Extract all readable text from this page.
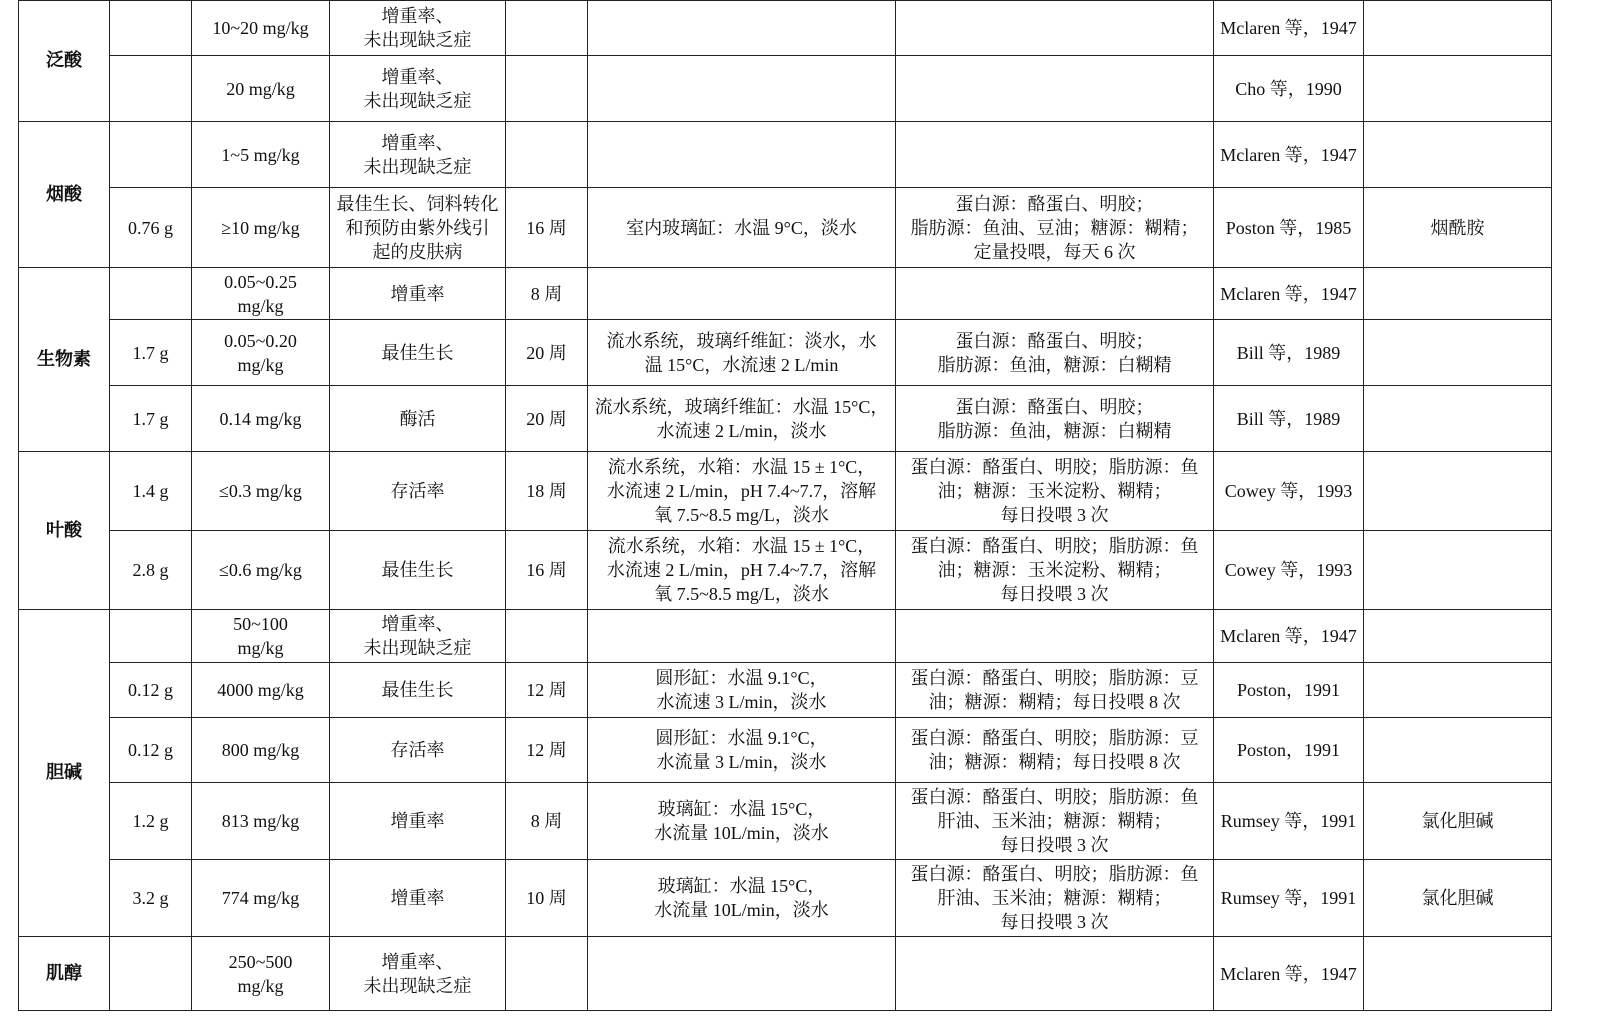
泛酸		10~20 mg/kg	增重率、
未出现缺乏症				Mclaren 等，1947	
		20 mg/kg	增重率、
未出现缺乏症				Cho 等，1990	
烟酸		1~5 mg/kg	增重率、
未出现缺乏症				Mclaren 等，1947	
	0.76 g	≥10 mg/kg	最佳生长、饲料转化
和预防由紫外线引
起的皮肤病	16 周	室内玻璃缸：水温 9°C，淡水	蛋白源：酪蛋白、明胶；
脂肪源：鱼油、豆油；糖源：糊精；
定量投喂，每天 6 次	Poston 等，1985	烟酰胺
生物素		0.05~0.25
mg/kg	增重率	8 周			Mclaren 等，1947	
	1.7 g	0.05~0.20
mg/kg	最佳生长	20 周	流水系统，玻璃纤维缸：淡水，水
温 15°C，水流速 2 L/min	蛋白源：酪蛋白、明胶；
脂肪源：鱼油，糖源：白糊精	Bill 等，1989	
	1.7 g	0.14 mg/kg	酶活	20 周	流水系统，玻璃纤维缸：水温 15°C，
水流速 2 L/min，淡水	蛋白源：酪蛋白、明胶；
脂肪源：鱼油，糖源：白糊精	Bill 等，1989	
叶酸	1.4 g	≤0.3 mg/kg	存活率	18 周	流水系统，水箱：水温 15 ± 1°C，
水流速 2 L/min，pH 7.4~7.7，溶解
氧 7.5~8.5 mg/L，淡水	蛋白源：酪蛋白、明胶；脂肪源：鱼
油；糖源：玉米淀粉、糊精；
每日投喂 3 次	Cowey 等，1993	
	2.8 g	≤0.6 mg/kg	最佳生长	16 周	流水系统，水箱：水温 15 ± 1°C，
水流速 2 L/min，pH 7.4~7.7，溶解
氧 7.5~8.5 mg/L，淡水	蛋白源：酪蛋白、明胶；脂肪源：鱼
油；糖源：玉米淀粉、糊精；
每日投喂 3 次	Cowey 等，1993	
胆碱		50~100
mg/kg	增重率、
未出现缺乏症				Mclaren 等，1947	
	0.12 g	4000 mg/kg	最佳生长	12 周	圆形缸：水温 9.1°C，
水流速 3 L/min，淡水	蛋白源：酪蛋白、明胶；脂肪源：豆
油；糖源：糊精；每日投喂 8 次	Poston，1991	
	0.12 g	800 mg/kg	存活率	12 周	圆形缸：水温 9.1°C，
水流量 3 L/min，淡水	蛋白源：酪蛋白、明胶；脂肪源：豆
油；糖源：糊精；每日投喂 8 次	Poston，1991	
	1.2 g	813 mg/kg	增重率	8 周	玻璃缸：水温 15°C，
水流量 10L/min，淡水	蛋白源：酪蛋白、明胶；脂肪源：鱼
肝油、玉米油；糖源：糊精；
每日投喂 3 次	Rumsey 等，1991	氯化胆碱
	3.2 g	774 mg/kg	增重率	10 周	玻璃缸：水温 15°C，
水流量 10L/min，淡水	蛋白源：酪蛋白、明胶；脂肪源：鱼
肝油、玉米油；糖源：糊精；
每日投喂 3 次	Rumsey 等，1991	氯化胆碱
肌醇		250~500
mg/kg	增重率、
未出现缺乏症				Mclaren 等，1947	
